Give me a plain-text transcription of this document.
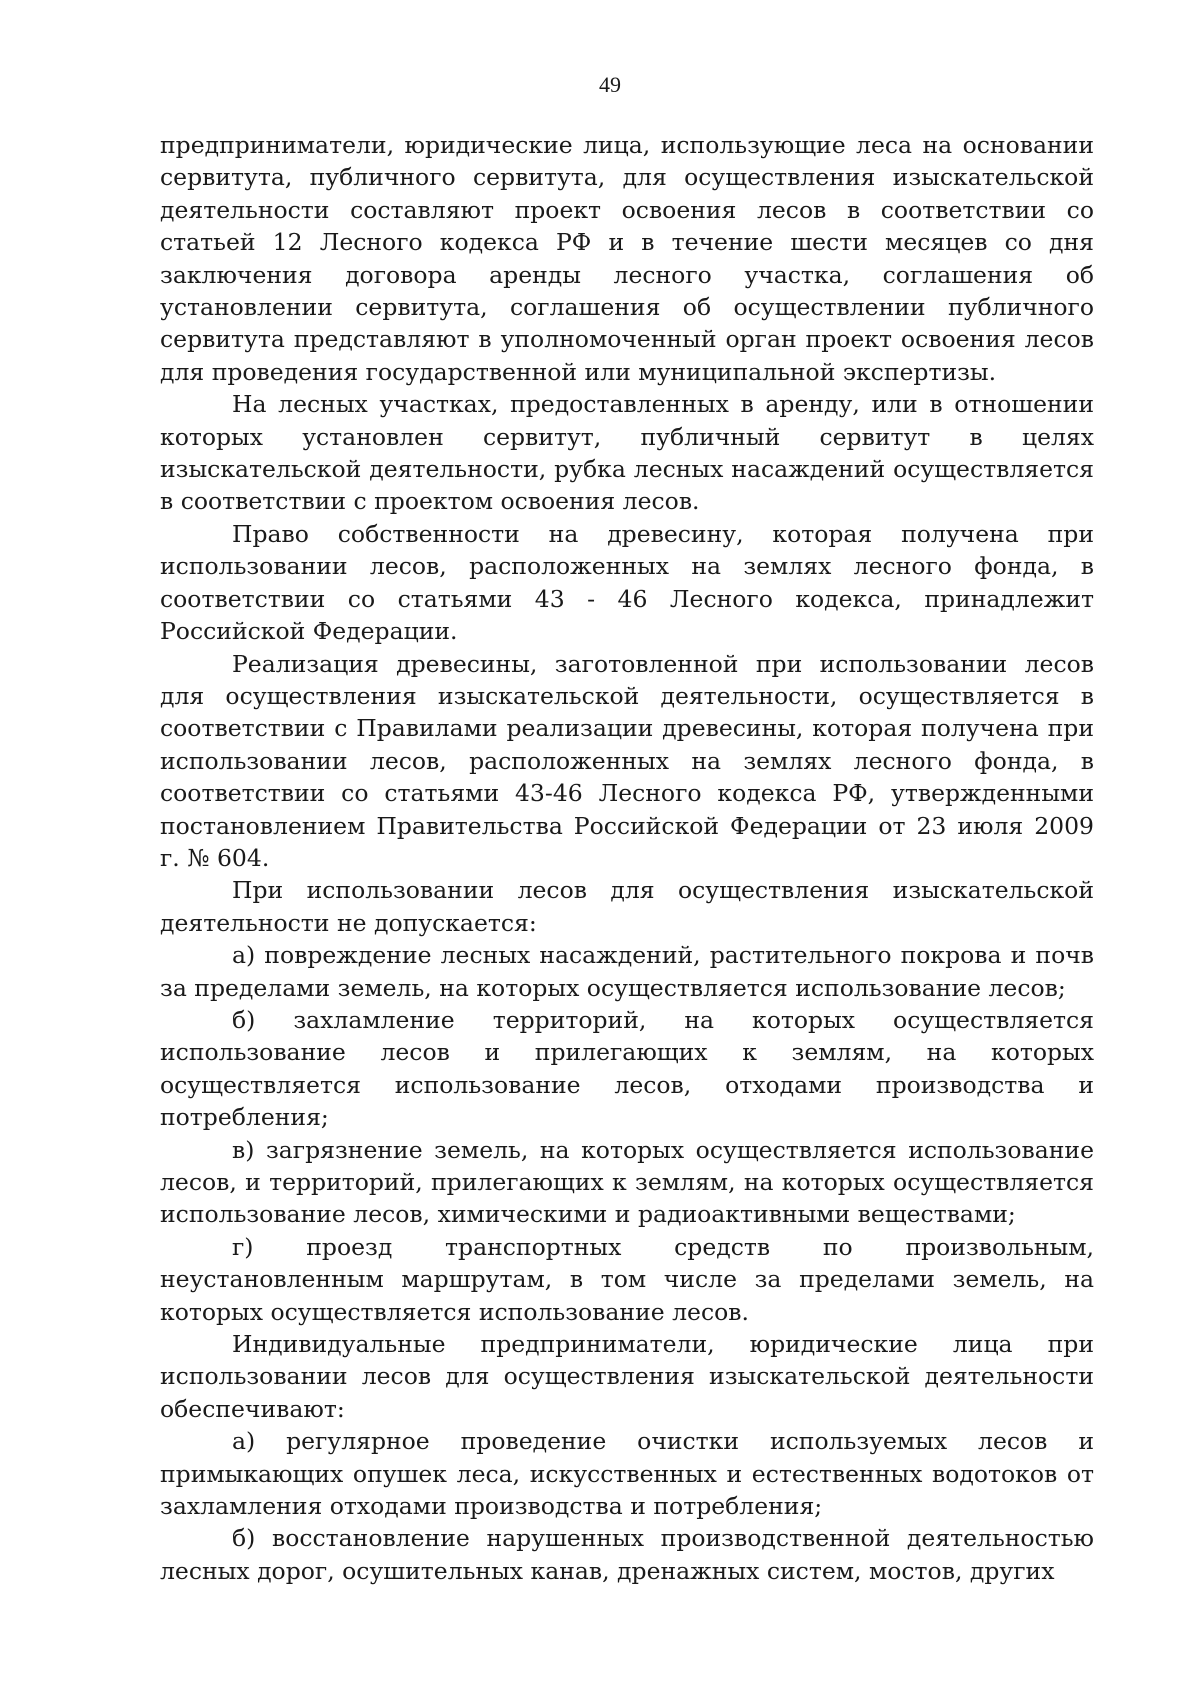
49

предприниматели, юридические лица, использующие леса на основании сервитута, публичного сервитута, для осуществления изыскательской деятельности составляют проект освоения лесов в соответствии со статьей 12 Лесного кодекса РФ и в течение шести месяцев со дня заключения договора аренды лесного участка, соглашения об установлении сервитута, соглашения об осуществлении публичного сервитута представляют в уполномоченный орган проект освоения лесов для проведения государственной или муниципальной экспертизы.

На лесных участках, предоставленных в аренду, или в отношении которых установлен сервитут, публичный сервитут в целях изыскательской деятельности, рубка лесных насаждений осуществляется в соответствии с проектом освоения лесов.

Право собственности на древесину, которая получена при использовании лесов, расположенных на землях лесного фонда, в соответствии со статьями 43 - 46 Лесного кодекса, принадлежит Российской Федерации.

Реализация древесины, заготовленной при использовании лесов для осуществления изыскательской деятельности, осуществляется в соответствии с Правилами реализации древесины, которая получена при использовании лесов, расположенных на землях лесного фонда, в соответствии со статьями 43-46 Лесного кодекса РФ, утвержденными постановлением Правительства Российской Федерации от 23 июля 2009 г. № 604.

При использовании лесов для осуществления изыскательской деятельности не допускается:

а) повреждение лесных насаждений, растительного покрова и почв за пределами земель, на которых осуществляется использование лесов;

б) захламление территорий, на которых осуществляется использование лесов и прилегающих к землям, на которых осуществляется использование лесов, отходами производства и потребления;

в) загрязнение земель, на которых осуществляется использование лесов, и территорий, прилегающих к землям, на которых осуществляется использование лесов, химическими и радиоактивными веществами;

г) проезд транспортных средств по произвольным, неустановленным маршрутам, в том числе за пределами земель, на которых осуществляется использование лесов.

Индивидуальные предприниматели, юридические лица при использовании лесов для осуществления изыскательской деятельности обеспечивают:

а) регулярное проведение очистки используемых лесов и примыкающих опушек леса, искусственных и естественных водотоков от захламления отходами производства и потребления;

б) восстановление нарушенных производственной деятельностью лесных дорог, осушительных канав, дренажных систем, мостов, других
